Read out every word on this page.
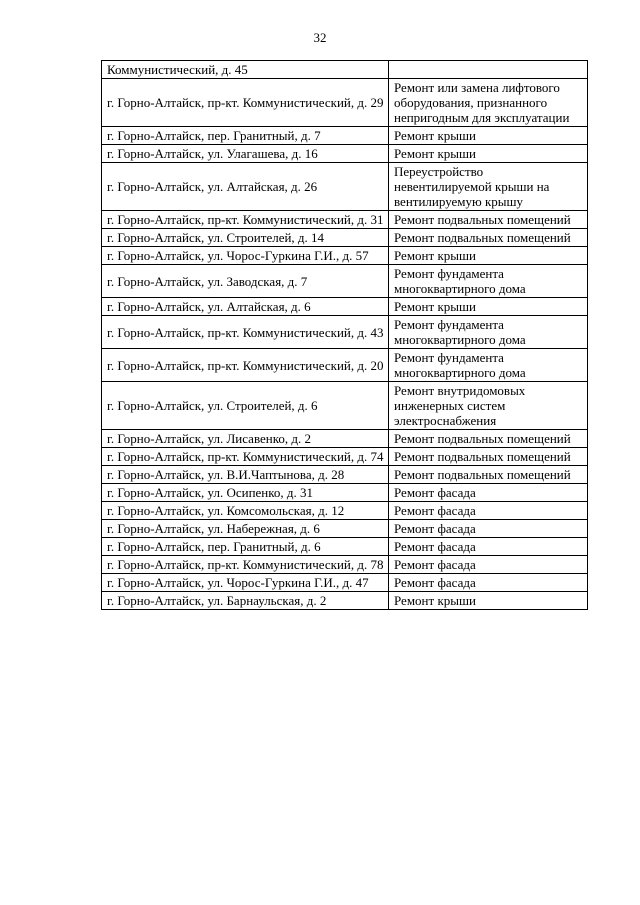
32
Коммунистический, д. 45	
г. Горно-Алтайск, пр-кт. Коммунистический, д. 29	Ремонт или замена лифтового оборудования, признанного непригодным для эксплуатации
г. Горно-Алтайск, пер. Гранитный, д. 7	Ремонт крыши
г. Горно-Алтайск, ул. Улагашева, д. 16	Ремонт крыши
г. Горно-Алтайск, ул. Алтайская, д. 26	Переустройство невентилируемой крыши на вентилируемую крышу
г. Горно-Алтайск, пр-кт. Коммунистический, д. 31	Ремонт подвальных помещений
г. Горно-Алтайск, ул. Строителей, д. 14	Ремонт подвальных помещений
г. Горно-Алтайск, ул. Чорос-Гуркина Г.И., д. 57	Ремонт крыши
г. Горно-Алтайск, ул. Заводская, д. 7	Ремонт фундамента многоквартирного дома
г. Горно-Алтайск, ул. Алтайская, д. 6	Ремонт крыши
г. Горно-Алтайск, пр-кт. Коммунистический, д. 43	Ремонт фундамента многоквартирного дома
г. Горно-Алтайск, пр-кт. Коммунистический, д. 20	Ремонт фундамента многоквартирного дома
г. Горно-Алтайск, ул. Строителей, д. 6	Ремонт внутридомовых инженерных систем электроснабжения
г. Горно-Алтайск, ул. Лисавенко, д. 2	Ремонт подвальных помещений
г. Горно-Алтайск, пр-кт. Коммунистический, д. 74	Ремонт подвальных помещений
г. Горно-Алтайск, ул. В.И.Чаптынова, д. 28	Ремонт подвальных помещений
г. Горно-Алтайск, ул. Осипенко, д. 31	Ремонт фасада
г. Горно-Алтайск, ул. Комсомольская, д. 12	Ремонт фасада
г. Горно-Алтайск, ул. Набережная, д. 6	Ремонт фасада
г. Горно-Алтайск, пер. Гранитный, д. 6	Ремонт фасада
г. Горно-Алтайск, пр-кт. Коммунистический, д. 78	Ремонт фасада
г. Горно-Алтайск, ул. Чорос-Гуркина Г.И., д. 47	Ремонт фасада
г. Горно-Алтайск, ул. Барнаульская, д. 2	Ремонт крыши
